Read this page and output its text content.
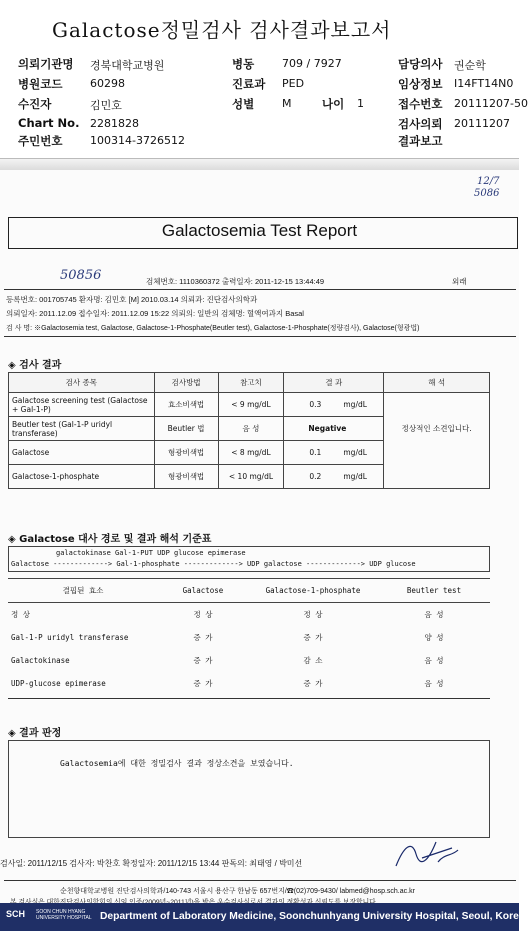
Galactose정밀검사 검사결과보고서
의뢰기관명 경북대학교병원	병동	709 / 7927	담당의사 권순학
병원코드	60298	진료과 PED	임상정보 I14FT14N0
수진자	김민호	성별	M	나이 1	접수번호 20111207-50
Chart No. 2281828	검사의뢰 20111207
주민번호	100314-3726512	결과보고
12/7
5086
Galactosemia Test Report
50856	검체번호: 1110360372 출력일자: 2011-12-15 13:44:49	외래
등록번호: 001705745 환자명: 김민호 [M] 2010.03.14 의뢰과: 진단검사의학과
의뢰일자: 2011.12.09 접수일자: 2011.12.09 15:22 의뢰의: 일반의 검체명: 혈액여과지 Basal
검 사 명: ※Galactosemia test, Galactose, Galactose-1-Phosphate(Beutler test), Galactose-1-Phosphate(정량검사), Galactose(형광법)
◈ 검사 결과
검사 종목	검사방법	참고치	결 과	해 석
Galactose screening test (Galactose + Gal-1-P)	효소비색법	< 9 mg/dL	0.3 mg/dL	정상적인 소견입니다.
Beutler test (Gal-1-P uridyl transferase)	Beutler 법	음 성	Negative	
Galactose	형광비색법	< 8 mg/dL	0.1 mg/dL	
Galactose-1-phosphate	형광비색법	< 10 mg/dL	0.2 mg/dL	
◈ Galactose 대사 경로 및 결과 해석 기준표
galactokinase Gal-1-PUT UDP glucose epimerase
Galactose -------------> Gal-1-phosphate -------------> UDP galactose -------------> UDP glucose
결핍된 효소	Galactose	Galactose-1-phosphate	Beutler test
정 상	정 상	정 상	음 성
Gal-1-P uridyl transferase	증 가	증 가	양 성
Galactokinase	증 가	감 소	음 성
UDP-glucose epimerase	증 가	증 가	음 성
◈ 결과 판정
Galactosemia에 대한 정밀검사 결과 정상소견을 보였습니다.
검사일: 2011/12/15 검사자: 박찬호 확정일자: 2011/12/15 13:44 판독의: 최태영 / 박미선
순천향대학교병원 진단검사의학과/140-743 서울시 용산구 한남동 657번지/☎(02)709-9430/ labmed@hosp.sch.ac.kr
SCH SOON CHUN HYANG
UNIVERSITY HOSPITAL Department of Laboratory Medicine, Soonchunhyang University Hospital, Seoul, Korea
